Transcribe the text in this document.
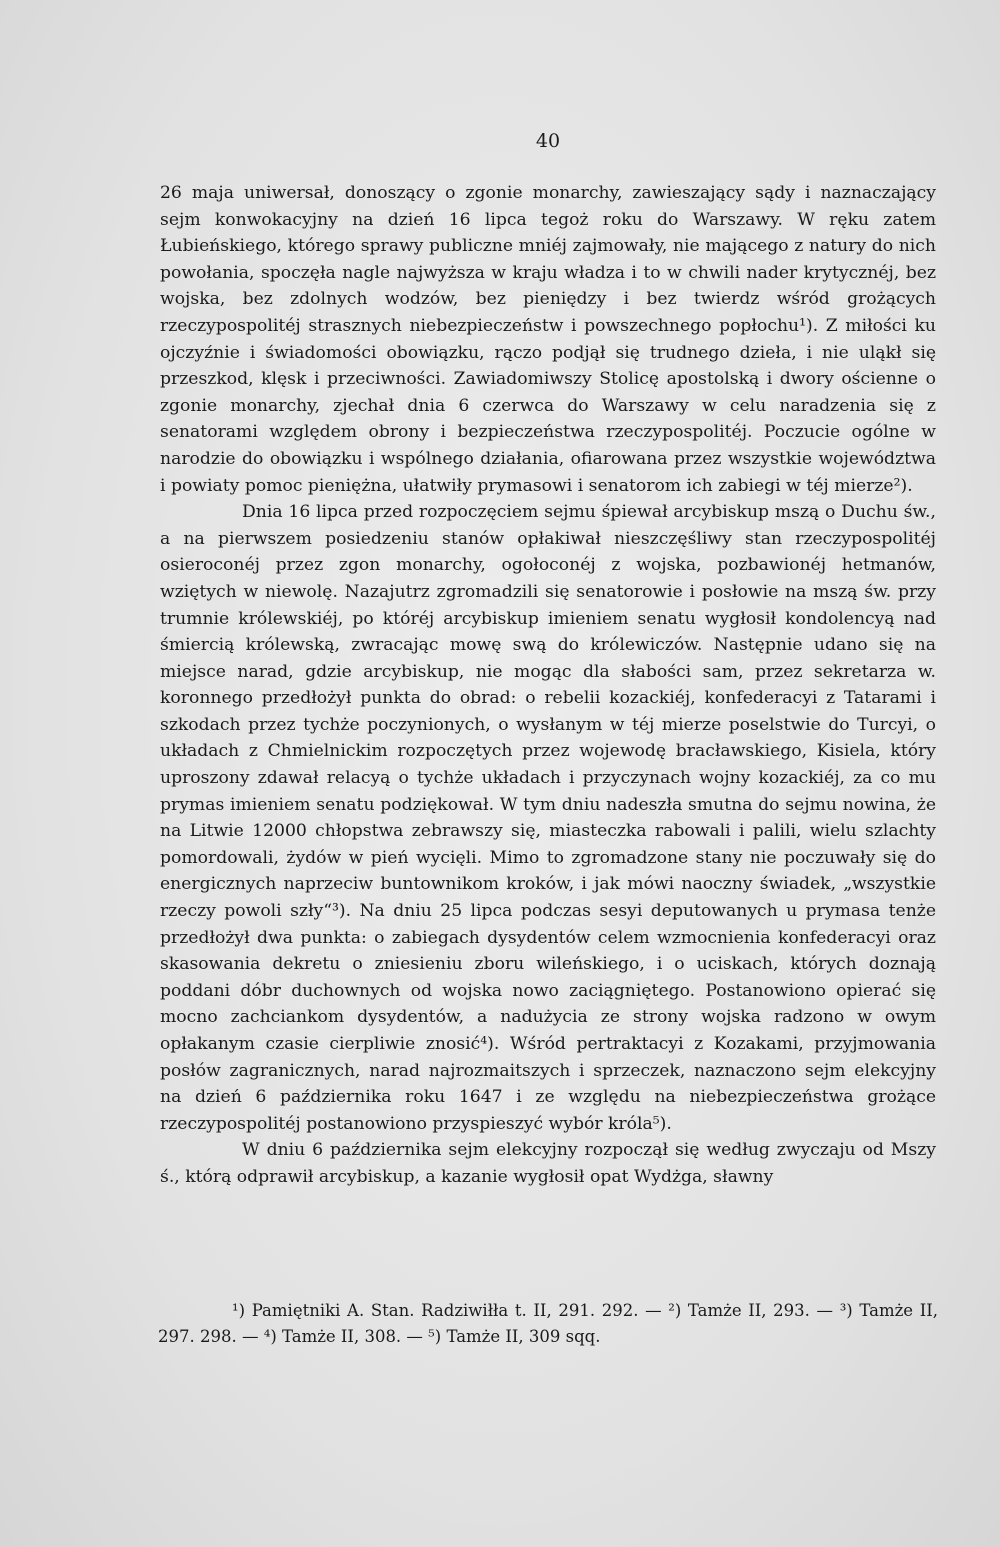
40

26 maja uniwersał, donoszący o zgonie monarchy, zawieszający sądy i naznaczający sejm konwokacyjny na dzień 16 lipca tegoż roku do Warszawy. W ręku zatem Łubieńskiego, którego sprawy publiczne mniéj zajmowały, nie mającego z natury do nich powołania, spoczęła nagle najwyższa w kraju władza i to w chwili nader krytycznéj, bez wojska, bez zdolnych wodzów, bez pieniędzy i bez twierdz wśród grożących rzeczypospolitéj strasznych niebezpieczeństw i powszechnego popłochu¹). Z miłości ku ojczyźnie i świadomości obowiązku, rączo podjął się trudnego dzieła, i nie uląkł się przeszkod, klęsk i przeciwności. Zawiadomiwszy Stolicę apostolską i dwory ościenne o zgonie monarchy, zjechał dnia 6 czerwca do Warszawy w celu naradzenia się z senatorami względem obrony i bezpieczeństwa rzeczypospolitéj. Poczucie ogólne w narodzie do obowiązku i wspólnego działania, ofiarowana przez wszystkie województwa i powiaty pomoc pieniężna, ułatwiły prymasowi i senatorom ich zabiegi w téj mierze²).

Dnia 16 lipca przed rozpoczęciem sejmu śpiewał arcybiskup mszą o Duchu św., a na pierwszem posiedzeniu stanów opłakiwał nieszczęśliwy stan rzeczypospolitéj osieroconéj przez zgon monarchy, ogołoconéj z wojska, pozbawionéj hetmanów, wziętych w niewolę. Nazajutrz zgromadzili się senatorowie i posłowie na mszą św. przy trumnie królewskiéj, po któréj arcybiskup imieniem senatu wygłosił kondolencyą nad śmiercią królewską, zwracając mowę swą do królewiczów. Następnie udano się na miejsce narad, gdzie arcybiskup, nie mogąc dla słabości sam, przez sekretarza w. koronnego przedłożył punkta do obrad: o rebelii kozackiéj, konfederacyi z Tatarami i szkodach przez tychże poczynionych, o wysłanym w téj mierze poselstwie do Turcyi, o układach z Chmielnickim rozpoczętych przez wojewodę bracławskiego, Kisiela, który uproszony zdawał relacyą o tychże układach i przyczynach wojny kozackiéj, za co mu prymas imieniem senatu podziękował. W tym dniu nadeszła smutna do sejmu nowina, że na Litwie 12000 chłopstwa zebrawszy się, miasteczka rabowali i palili, wielu szlachty pomordowali, żydów w pień wycięli. Mimo to zgromadzone stany nie poczuwały się do energicznych naprzeciw buntownikom kroków, i jak mówi naoczny świadek, „wszystkie rzeczy powoli szły“³). Na dniu 25 lipca podczas sesyi deputowanych u prymasa tenże przedłożył dwa punkta: o zabiegach dysydentów celem wzmocnienia konfederacyi oraz skasowania dekretu o zniesieniu zboru wileńskiego, i o uciskach, których doznają poddani dóbr duchownych od wojska nowo zaciągniętego. Postanowiono opierać się mocno zachciankom dysydentów, a nadużycia ze strony wojska radzono w owym opłakanym czasie cierpliwie znosić⁴). Wśród pertraktacyi z Kozakami, przyjmowania posłów zagranicznych, narad najrozmaitszych i sprzeczek, naznaczono sejm elekcyjny na dzień 6 października roku 1647 i ze względu na niebezpieczeństwa grożące rzeczypospolitéj postanowiono przyspieszyć wybór króla⁵).

W dniu 6 października sejm elekcyjny rozpoczął się według zwyczaju od Mszy ś., którą odprawił arcybiskup, a kazanie wygłosił opat Wydżga, sławny

¹) Pamiętniki A. Stan. Radziwiłła t. II, 291. 292. — ²) Tamże II, 293. — ³) Tamże II, 297. 298. — ⁴) Tamże II, 308. — ⁵) Tamże II, 309 sqq.
